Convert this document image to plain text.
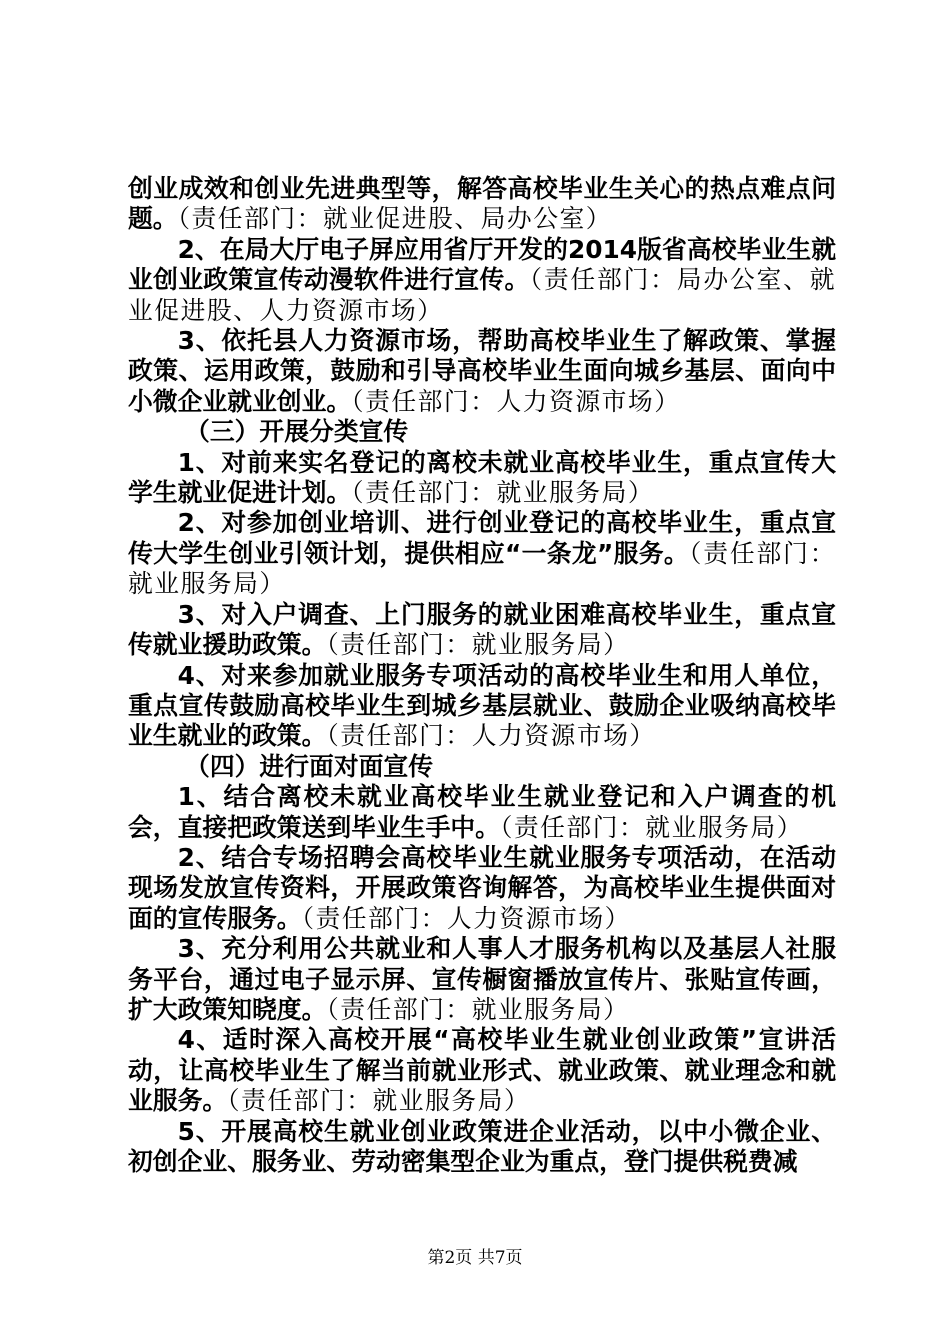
创业成效和创业先进典型等，解答高校毕业生关心的热点难点问题。（责任部门：就业促进股、局办公室）

2、在局大厅电子屏应用省厅开发的2014版省高校毕业生就业创业政策宣传动漫软件进行宣传。（责任部门：局办公室、就业促进股、人力资源市场）

3、依托县人力资源市场，帮助高校毕业生了解政策、掌握政策、运用政策，鼓励和引导高校毕业生面向城乡基层、面向中小微企业就业创业。（责任部门：人力资源市场）

（三）开展分类宣传

1、对前来实名登记的离校未就业高校毕业生，重点宣传大学生就业促进计划。（责任部门：就业服务局）

2、对参加创业培训、进行创业登记的高校毕业生，重点宣传大学生创业引领计划，提供相应“一条龙”服务。（责任部门：就业服务局）

3、对入户调查、上门服务的就业困难高校毕业生，重点宣传就业援助政策。（责任部门：就业服务局）

4、对来参加就业服务专项活动的高校毕业生和用人单位，重点宣传鼓励高校毕业生到城乡基层就业、鼓励企业吸纳高校毕业生就业的政策。（责任部门：人力资源市场）

（四）进行面对面宣传

1、结合离校未就业高校毕业生就业登记和入户调查的机会，直接把政策送到毕业生手中。（责任部门：就业服务局）

2、结合专场招聘会高校毕业生就业服务专项活动，在活动现场发放宣传资料，开展政策咨询解答，为高校毕业生提供面对面的宣传服务。（责任部门：人力资源市场）

3、充分利用公共就业和人事人才服务机构以及基层人社服务平台，通过电子显示屏、宣传橱窗播放宣传片、张贴宣传画，扩大政策知晓度。（责任部门：就业服务局）

4、适时深入高校开展“高校毕业生就业创业政策”宣讲活动，让高校毕业生了解当前就业形式、就业政策、就业理念和就业服务。（责任部门：就业服务局）

5、开展高校生就业创业政策进企业活动，以中小微企业、初创企业、服务业、劳动密集型企业为重点，登门提供税费减

第2页 共7页
